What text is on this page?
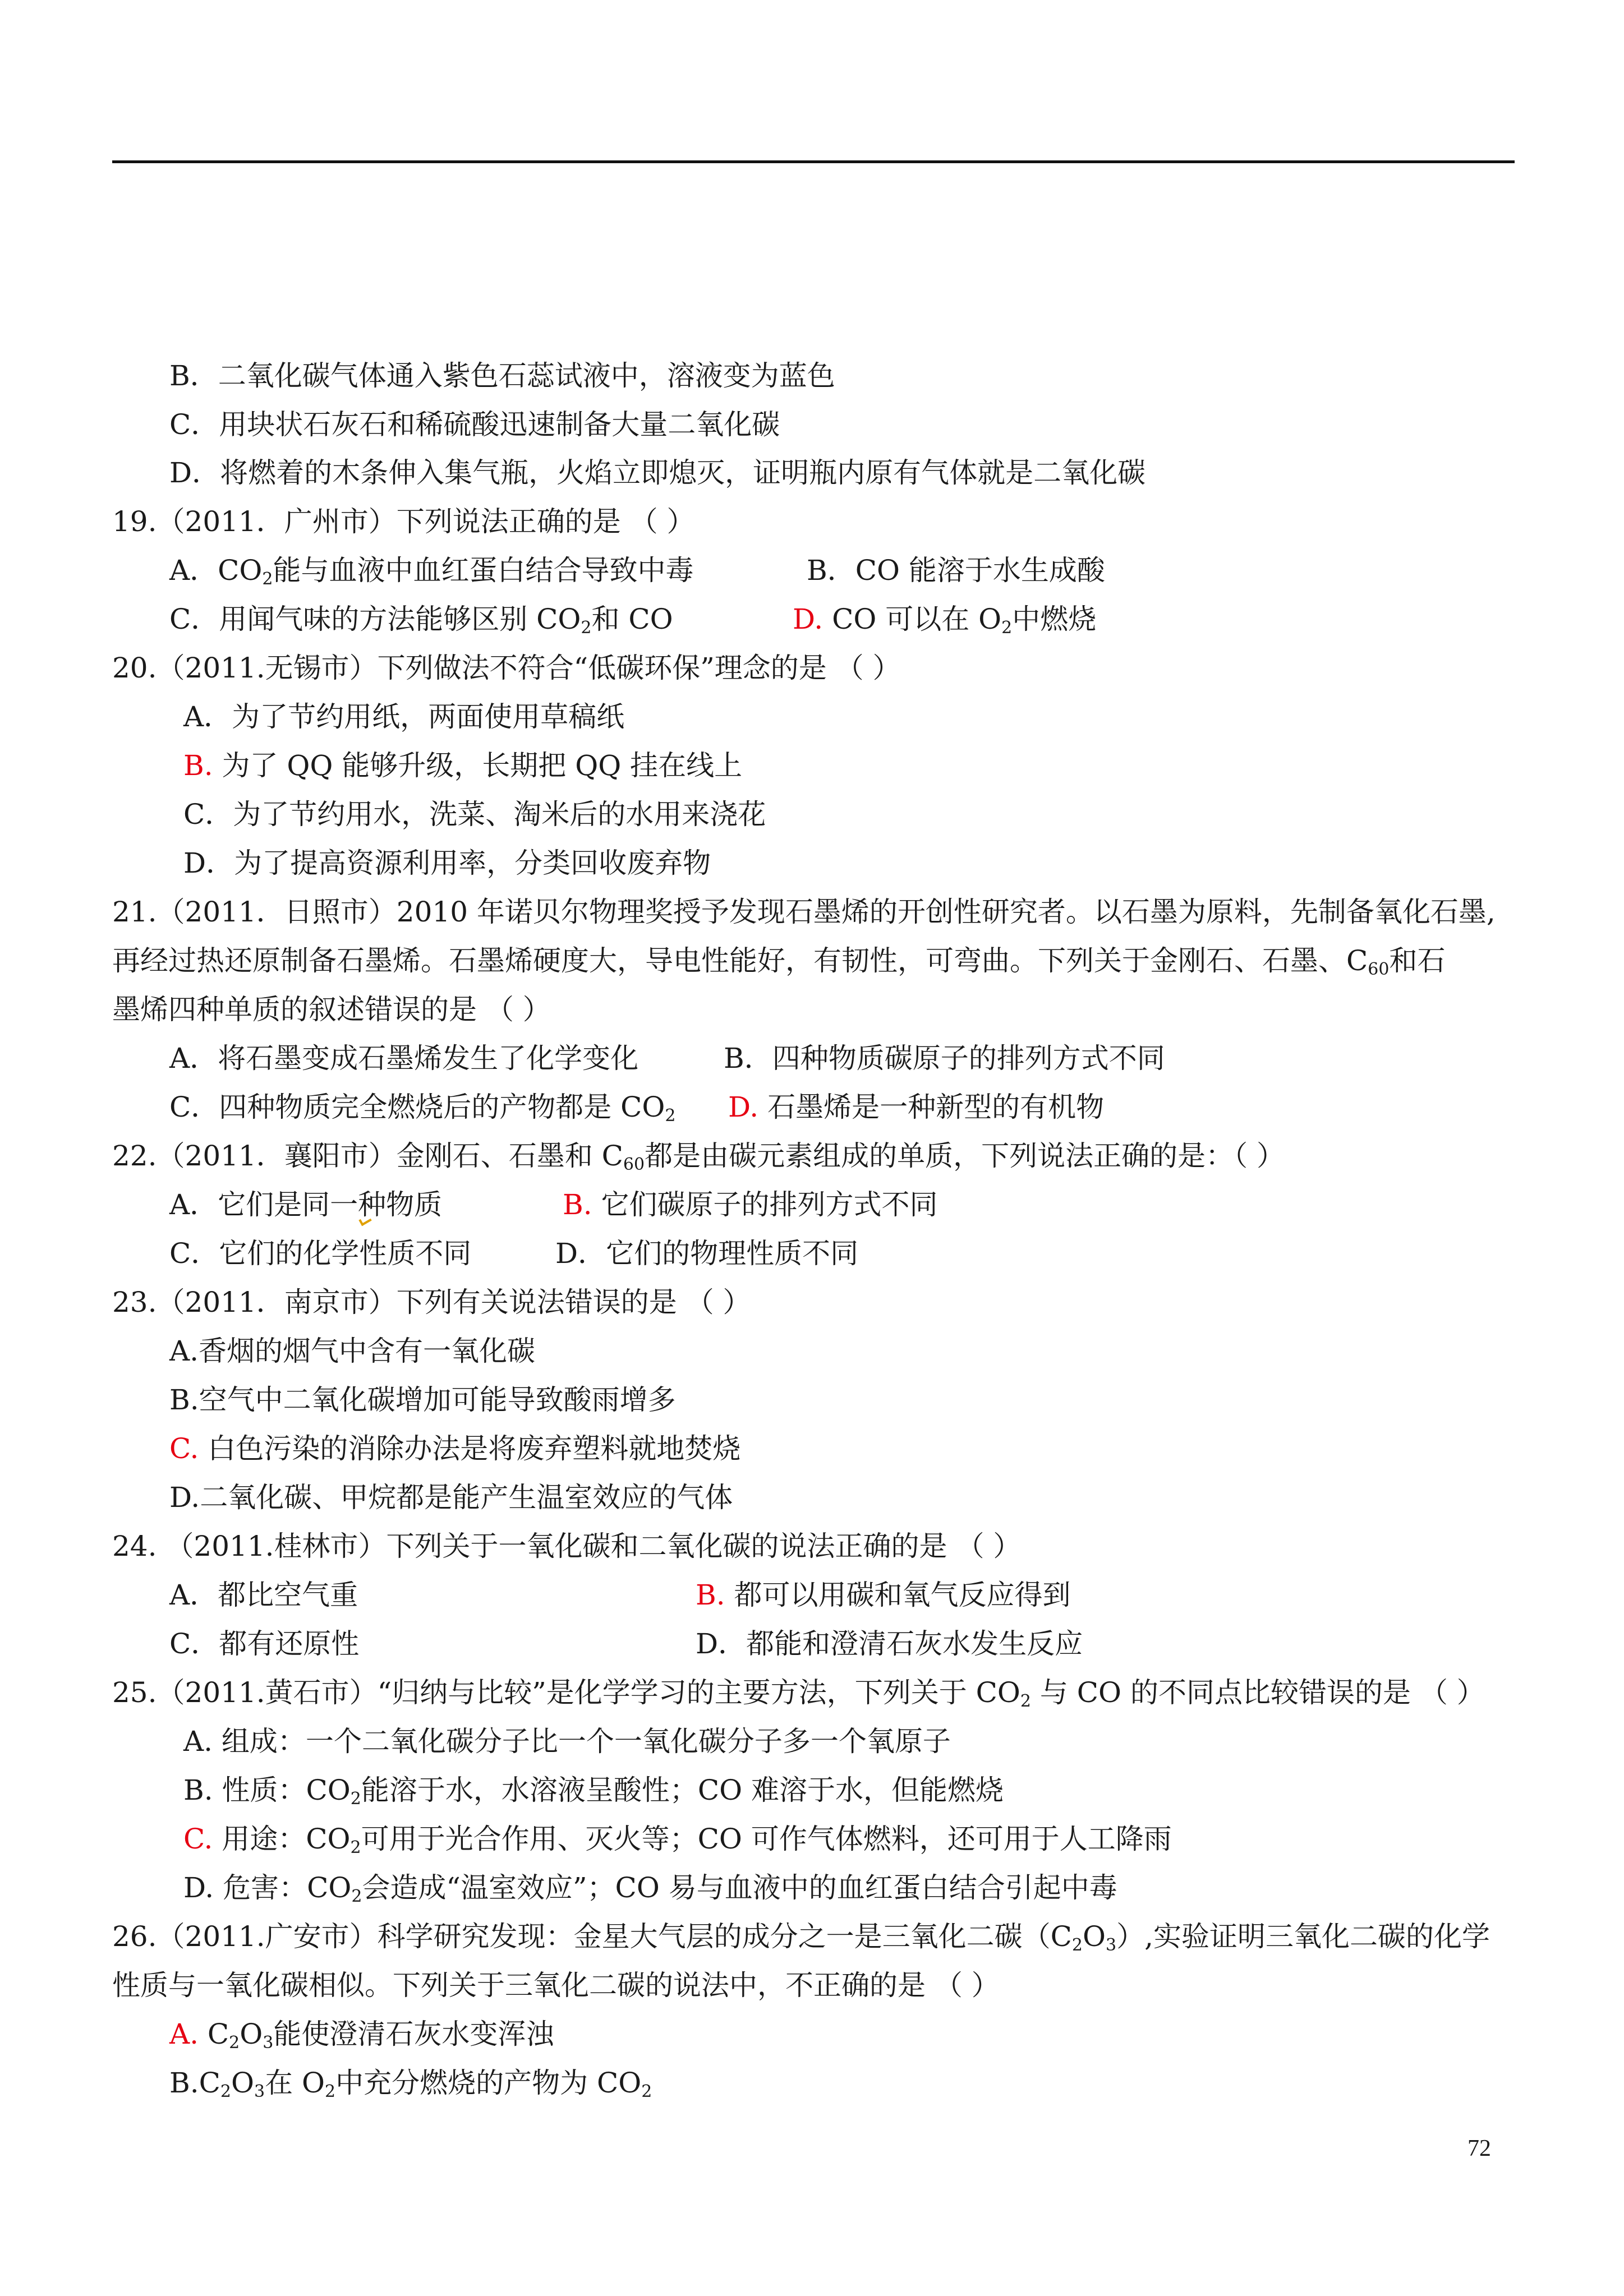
B．二氧化碳气体通入紫色石蕊试液中，溶液变为蓝色
C．用块状石灰石和稀硫酸迅速制备大量二氧化碳
D．将燃着的木条伸入集气瓶，火焰立即熄灭，证明瓶内原有气体就是二氧化碳
19.（2011．广州市）下列说法正确的是 （ ）
A．$CO_2$能与血液中血红蛋白结合导致中毒	B．CO 能溶于水生成酸
C．用闻气味的方法能够区别 $CO_2$和 CO	D. CO 可以在 $O_2$中燃烧
20.（2011.无锡市）下列做法不符合“低碳环保”理念的是 （ ）
A．为了节约用纸，两面使用草稿纸
B. 为了 QQ 能够升级，长期把 QQ 挂在线上
C．为了节约用水，洗菜、淘米后的水用来浇花
D．为了提高资源利用率，分类回收废弃物
21.（2011．日照市）2010 年诺贝尔物理奖授予发现石墨烯的开创性研究者。以石墨为原料，先制备氧化石墨,
再经过热还原制备石墨烯。石墨烯硬度大，导电性能好，有韧性，可弯曲。下列关于金刚石、石墨、$C_{60}$和石
墨烯四种单质的叙述错误的是 （ ）
A．将石墨变成石墨烯发生了化学变化	B．四种物质碳原子的排列方式不同
C．四种物质完全燃烧后的产物都是 $CO_2$ D. 石墨烯是一种新型的有机物
22.（2011．襄阳市）金刚石、石墨和 $C_{60}$都是由碳元素组成的单质，下列说法正确的是：（ ）
A．它们是同一种物质	B. 它们碳原子的排列方式不同
C．它们的化学性质不同	D．它们的物理性质不同
23.（2011．南京市）下列有关说法错误的是 （ ）
A.香烟的烟气中含有一氧化碳
B.空气中二氧化碳增加可能导致酸雨增多
C. 白色污染的消除办法是将废弃塑料就地焚烧
D.二氧化碳、甲烷都是能产生温室效应的气体
24. （2011.桂林市）下列关于一氧化碳和二氧化碳的说法正确的是 （ ）
A．都比空气重	B. 都可以用碳和氧气反应得到
C．都有还原性	D．都能和澄清石灰水发生反应
25.（2011.黄石市）“归纳与比较”是化学学习的主要方法，下列关于 $CO_2$ 与 CO 的不同点比较错误的是 （ ）
A. 组成：一个二氧化碳分子比一个一氧化碳分子多一个氧原子
B. 性质：$CO_2$能溶于水，水溶液呈酸性；CO 难溶于水，但能燃烧
C. 用途：$CO_2$可用于光合作用、灭火等；CO 可作气体燃料，还可用于人工降雨
D. 危害：$CO_2$会造成“温室效应”；CO 易与血液中的血红蛋白结合引起中毒
26.（2011.广安市）科学研究发现：金星大气层的成分之一是三氧化二碳$(C_2O_3)$,实验证明三氧化二碳的化学
性质与一氧化碳相似。下列关于三氧化二碳的说法中，不正确的是 （ ）
A. $C_2O_3$能使澄清石灰水变浑浊
$B.C_2O_3$在 $O_2$中充分燃烧的产物为 $CO_2$
72
